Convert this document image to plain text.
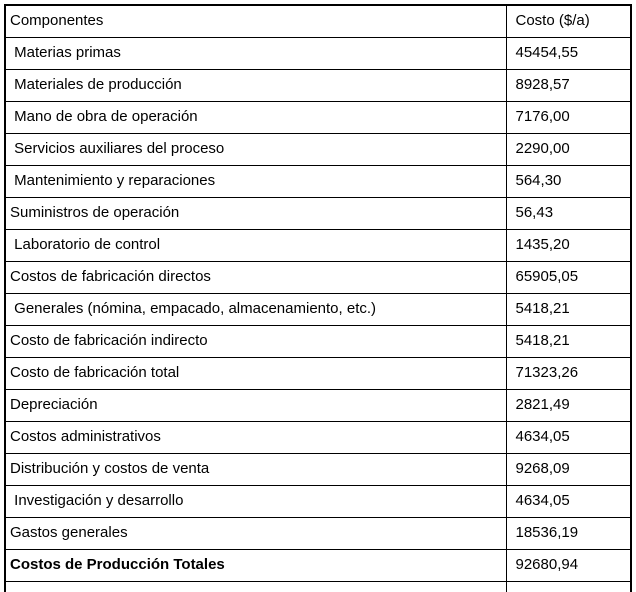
Componentes	Costo ($/a)
Materias primas	45454,55
Materiales de producción	8928,57
Mano de obra de operación	7176,00
Servicios auxiliares del proceso	2290,00
Mantenimiento y reparaciones	564,30
Suministros de operación	56,43
Laboratorio de control	1435,20
Costos de fabricación directos	65905,05
Generales (nómina, empacado, almacenamiento, etc.)	5418,21
Costo de fabricación indirecto	5418,21
Costo de fabricación total	71323,26
Depreciación	2821,49
Costos administrativos	4634,05
Distribución y costos de venta	9268,09
Investigación y desarrollo	4634,05
Gastos generales	18536,19
Costos de Producción Totales	92680,94
